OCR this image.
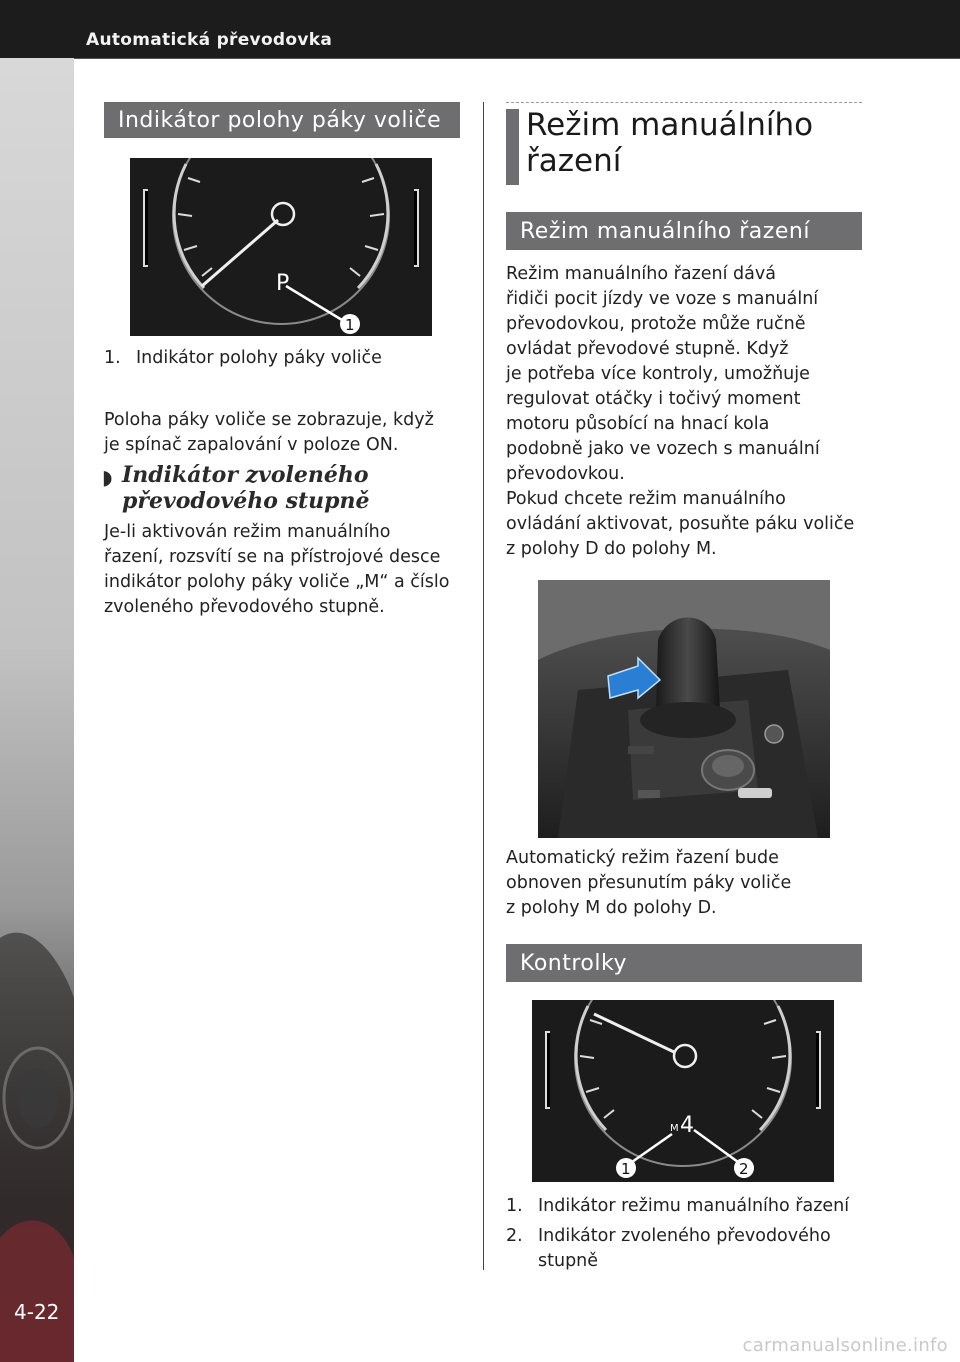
Automatická převodovka
4-22
Indikátor polohy páky voliče
1
P
1. Indikátor polohy páky voliče
Poloha páky voliče se zobrazuje, když
je spínač zapalování v poloze ON.
◗ Indikátor zvoleného
převodového stupně
Je-li aktivován režim manuálního
řazení, rozsvítí se na přístrojové desce
indikátor polohy páky voliče „M“ a číslo
zvoleného převodového stupně.
Režim manuálního
řazení
Režim manuálního řazení
Režim manuálního řazení dává
řidiči pocit jízdy ve voze s manuální
převodovkou, protože může ručně
ovládat převodové stupně. Když
je potřeba více kontroly, umožňuje
regulovat otáčky i točivý moment
motoru působící na hnací kola
podobně jako ve vozech s manuální
převodovkou.
Pokud chcete režim manuálního
ovládání aktivovat, posuňte páku voliče
z polohy D do polohy M.
Automatický režim řazení bude
obnoven přesunutím páky voliče
z polohy M do polohy D.
Kontrolky
M 4
1	2
1. Indikátor režimu manuálního řazení
2. Indikátor zvoleného převodového
stupně
carmanualsonline.info
